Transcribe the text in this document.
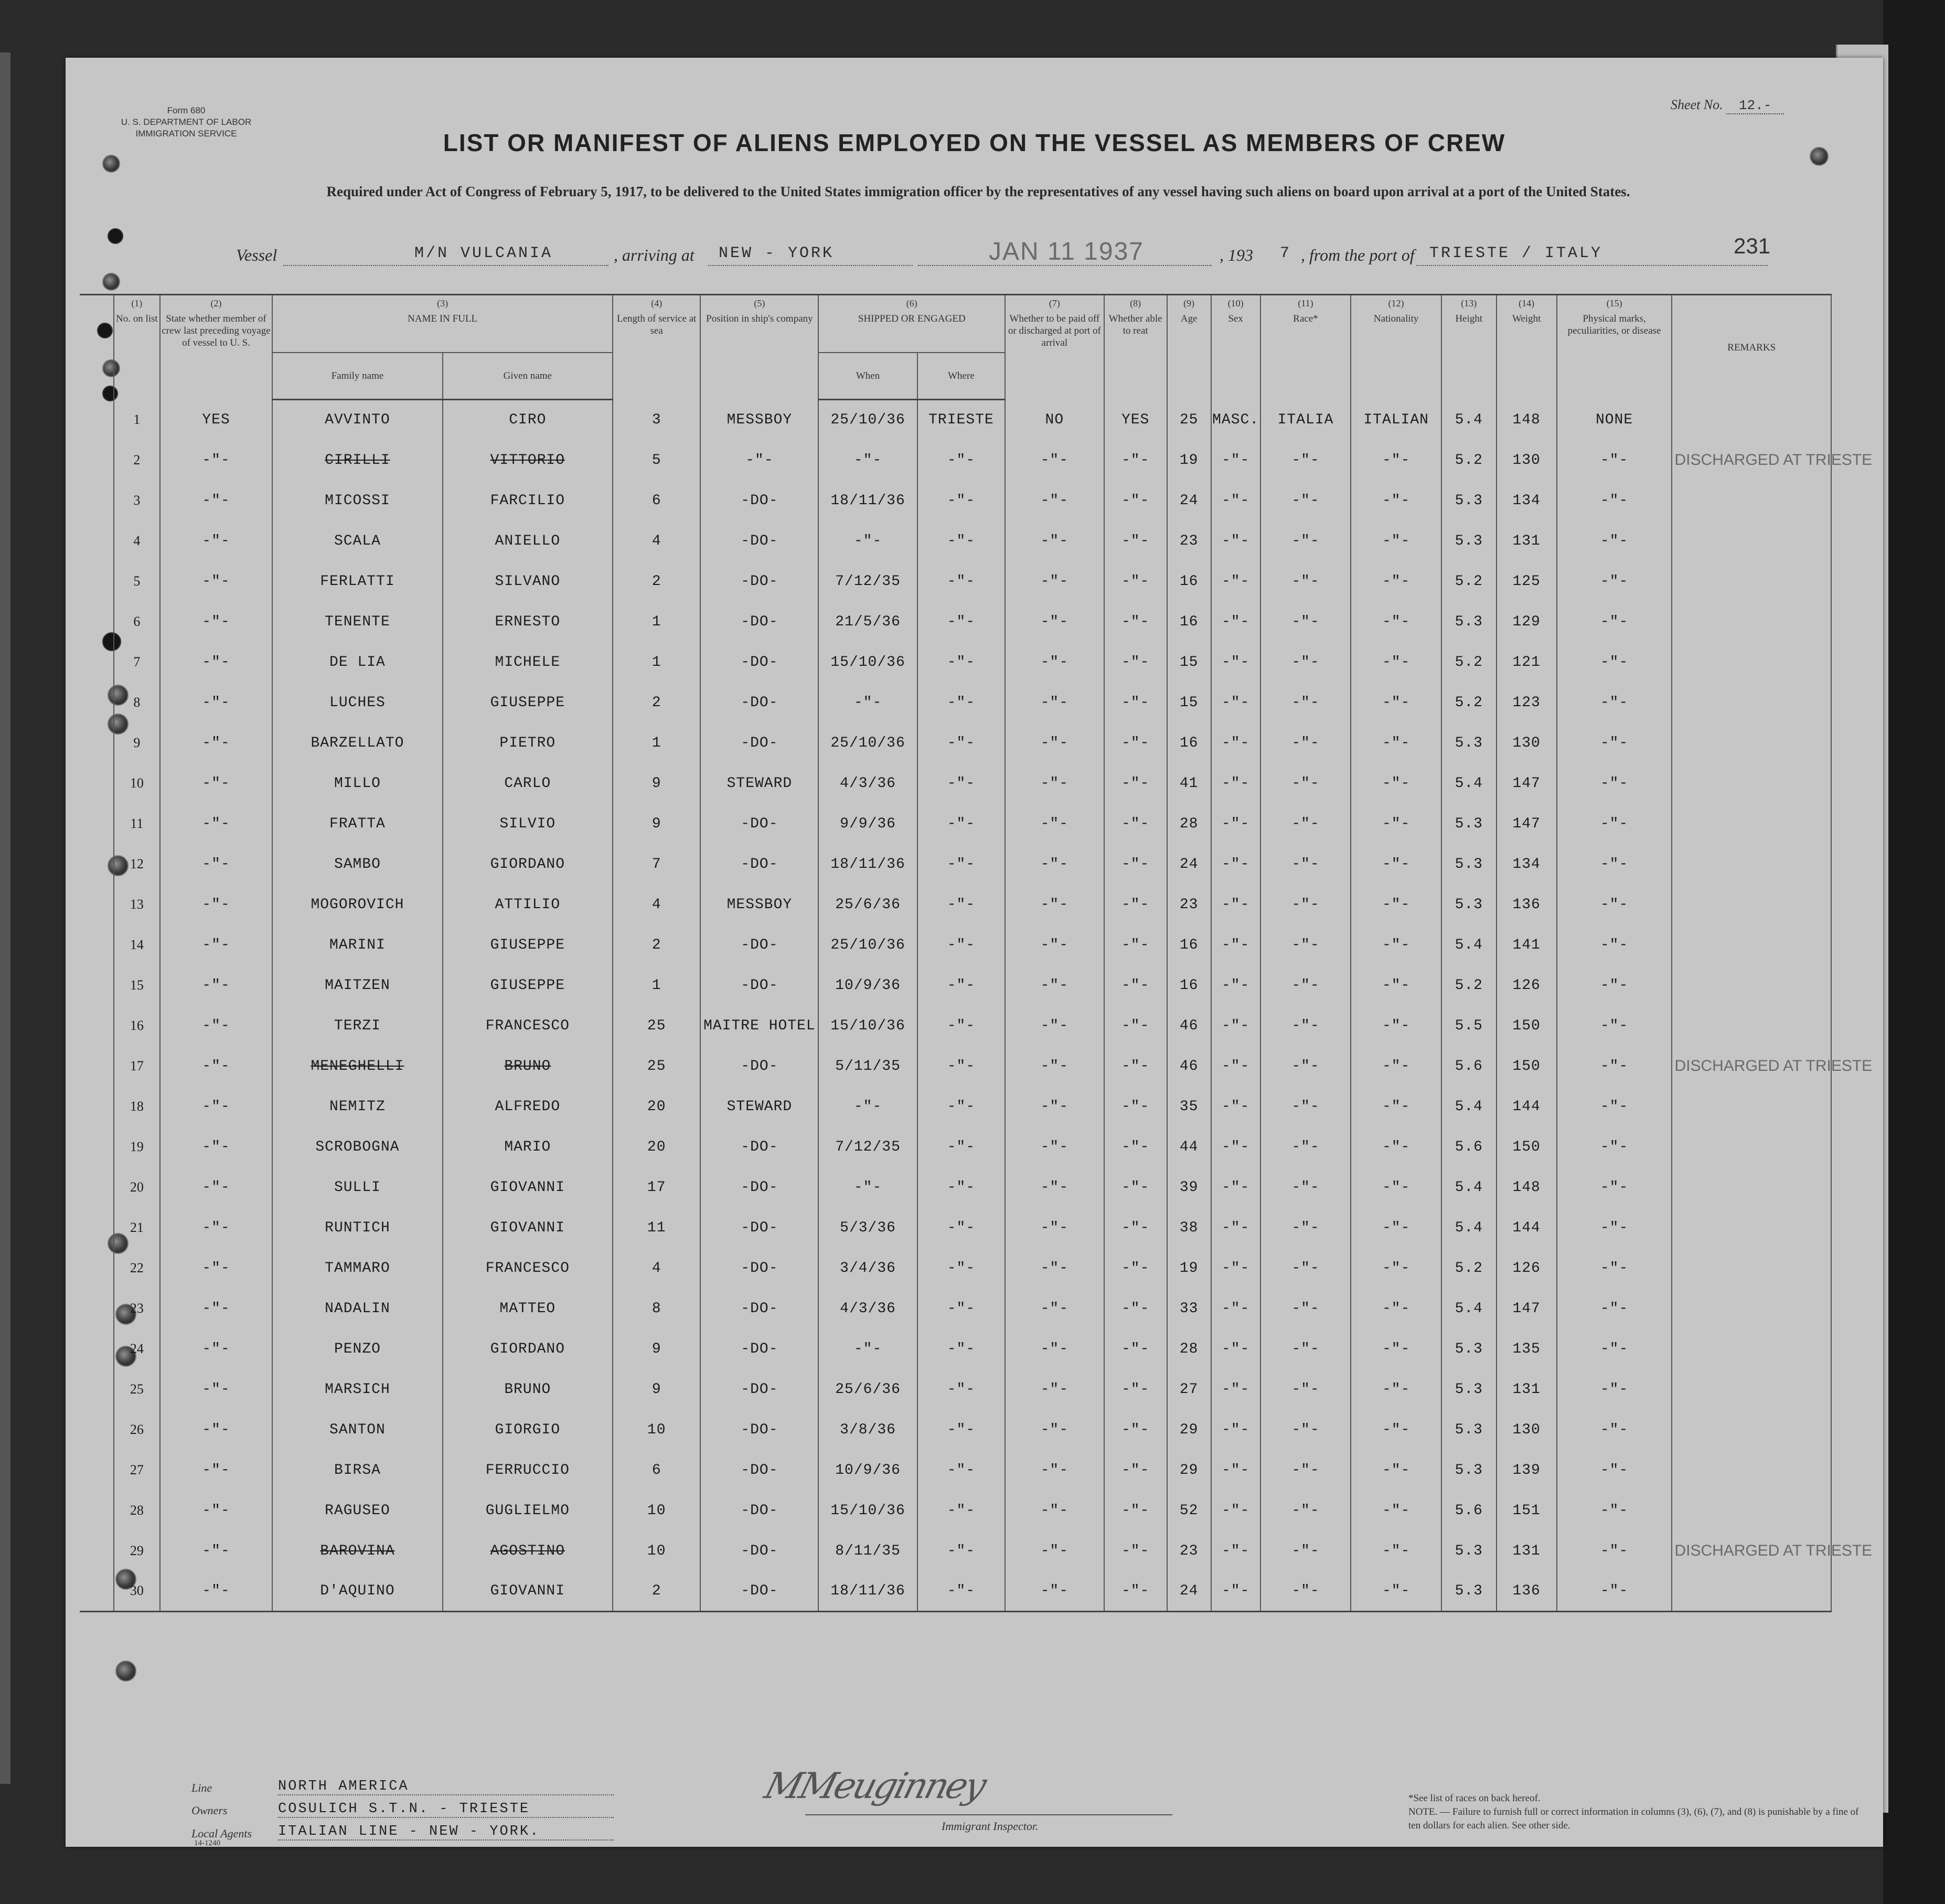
Form 680
U. S. DEPARTMENT OF LABOR
IMMIGRATION SERVICE
Sheet No. 12.-
LIST OR MANIFEST OF ALIENS EMPLOYED ON THE VESSEL AS MEMBERS OF CREW
Required under Act of Congress of February 5, 1917, to be delivered to the United States immigration officer by the representatives of any vessel having such aliens on board upon arrival at a port of the United States.
231
Vessel	M/N VULCANIA	, arriving at NEW - YORK	JAN 11 1937	, 193 7 , from the port of TRIESTE / ITALY

	(1)
No. on list	(2)
State whether member of crew last preceding voyage of vessel to U. S.	(3)
NAME IN FULL		(4)
Length of service at sea	(5)
Position in ship's company	(6)
SHIPPED OR ENGAGED		(7)
Whether to be paid off or discharged at port of arrival	(8)
Whether able to reat	(9)
Age	(10)
Sex	(11)
Race*	(12)
Nationality	(13)
Height	(14)
Weight	(15)
Physical marks, peculiarities, or disease	REMARKS
			Family name	Given name			When	Where										
	1	YES	AVVINTO	CIRO	3	MESSBOY	25/10/36	TRIESTE	NO	YES	25	MASC.	ITALIA	ITALIAN	5.4	148	NONE	
	2	-"-	CIRILLI	VITTORIO	5	-"-	-"-	-"-	-"-	-"-	19	-"-	-"-	-"-	5.2	130	-"-	DISCHARGED AT TRIESTE
	3	-"-	MICOSSI	FARCILIO	6	-DO-	18/11/36	-"-	-"-	-"-	24	-"-	-"-	-"-	5.3	134	-"-	
	4	-"-	SCALA	ANIELLO	4	-DO-	-"-	-"-	-"-	-"-	23	-"-	-"-	-"-	5.3	131	-"-	
	5	-"-	FERLATTI	SILVANO	2	-DO-	7/12/35	-"-	-"-	-"-	16	-"-	-"-	-"-	5.2	125	-"-	
	6	-"-	TENENTE	ERNESTO	1	-DO-	21/5/36	-"-	-"-	-"-	16	-"-	-"-	-"-	5.3	129	-"-	
	7	-"-	DE LIA	MICHELE	1	-DO-	15/10/36	-"-	-"-	-"-	15	-"-	-"-	-"-	5.2	121	-"-	
	8	-"-	LUCHES	GIUSEPPE	2	-DO-	-"-	-"-	-"-	-"-	15	-"-	-"-	-"-	5.2	123	-"-	
	9	-"-	BARZELLATO	PIETRO	1	-DO-	25/10/36	-"-	-"-	-"-	16	-"-	-"-	-"-	5.3	130	-"-	
	10	-"-	MILLO	CARLO	9	STEWARD	4/3/36	-"-	-"-	-"-	41	-"-	-"-	-"-	5.4	147	-"-	
	11	-"-	FRATTA	SILVIO	9	-DO-	9/9/36	-"-	-"-	-"-	28	-"-	-"-	-"-	5.3	147	-"-	
	12	-"-	SAMBO	GIORDANO	7	-DO-	18/11/36	-"-	-"-	-"-	24	-"-	-"-	-"-	5.3	134	-"-	
	13	-"-	MOGOROVICH	ATTILIO	4	MESSBOY	25/6/36	-"-	-"-	-"-	23	-"-	-"-	-"-	5.3	136	-"-	
	14	-"-	MARINI	GIUSEPPE	2	-DO-	25/10/36	-"-	-"-	-"-	16	-"-	-"-	-"-	5.4	141	-"-	
	15	-"-	MAITZEN	GIUSEPPE	1	-DO-	10/9/36	-"-	-"-	-"-	16	-"-	-"-	-"-	5.2	126	-"-	
	16	-"-	TERZI	FRANCESCO	25	MAITRE HOTEL	15/10/36	-"-	-"-	-"-	46	-"-	-"-	-"-	5.5	150	-"-	
	17	-"-	MENEGHELLI	BRUNO	25	-DO-	5/11/35	-"-	-"-	-"-	46	-"-	-"-	-"-	5.6	150	-"-	DISCHARGED AT TRIESTE
	18	-"-	NEMITZ	ALFREDO	20	STEWARD	-"-	-"-	-"-	-"-	35	-"-	-"-	-"-	5.4	144	-"-	
	19	-"-	SCROBOGNA	MARIO	20	-DO-	7/12/35	-"-	-"-	-"-	44	-"-	-"-	-"-	5.6	150	-"-	
	20	-"-	SULLI	GIOVANNI	17	-DO-	-"-	-"-	-"-	-"-	39	-"-	-"-	-"-	5.4	148	-"-	
	21	-"-	RUNTICH	GIOVANNI	11	-DO-	5/3/36	-"-	-"-	-"-	38	-"-	-"-	-"-	5.4	144	-"-	
	22	-"-	TAMMARO	FRANCESCO	4	-DO-	3/4/36	-"-	-"-	-"-	19	-"-	-"-	-"-	5.2	126	-"-	
	23	-"-	NADALIN	MATTEO	8	-DO-	4/3/36	-"-	-"-	-"-	33	-"-	-"-	-"-	5.4	147	-"-	
	24	-"-	PENZO	GIORDANO	9	-DO-	-"-	-"-	-"-	-"-	28	-"-	-"-	-"-	5.3	135	-"-	
	25	-"-	MARSICH	BRUNO	9	-DO-	25/6/36	-"-	-"-	-"-	27	-"-	-"-	-"-	5.3	131	-"-	
	26	-"-	SANTON	GIORGIO	10	-DO-	3/8/36	-"-	-"-	-"-	29	-"-	-"-	-"-	5.3	130	-"-	
	27	-"-	BIRSA	FERRUCCIO	6	-DO-	10/9/36	-"-	-"-	-"-	29	-"-	-"-	-"-	5.3	139	-"-	
	28	-"-	RAGUSEO	GUGLIELMO	10	-DO-	15/10/36	-"-	-"-	-"-	52	-"-	-"-	-"-	5.6	151	-"-	
	29	-"-	BAROVINA	AGOSTINO	10	-DO-	8/11/35	-"-	-"-	-"-	23	-"-	-"-	-"-	5.3	131	-"-	DISCHARGED AT TRIESTE
	30	-"-	D'AQUINO	GIOVANNI	2	-DO-	18/11/36	-"-	-"-	-"-	24	-"-	-"-	-"-	5.3	136	-"-	
Line	NORTH AMERICA
Owners	COSULICH S.T.N. - TRIESTE
Local Agents ITALIAN LINE - NEW - YORK.
14-1240
MMeuginney
Immigrant Inspector.
*See list of races on back hereof.
NOTE. — Failure to furnish full or correct information in columns (3), (6), (7), and (8) is punishable by a fine of ten dollars for each alien. See other side.
